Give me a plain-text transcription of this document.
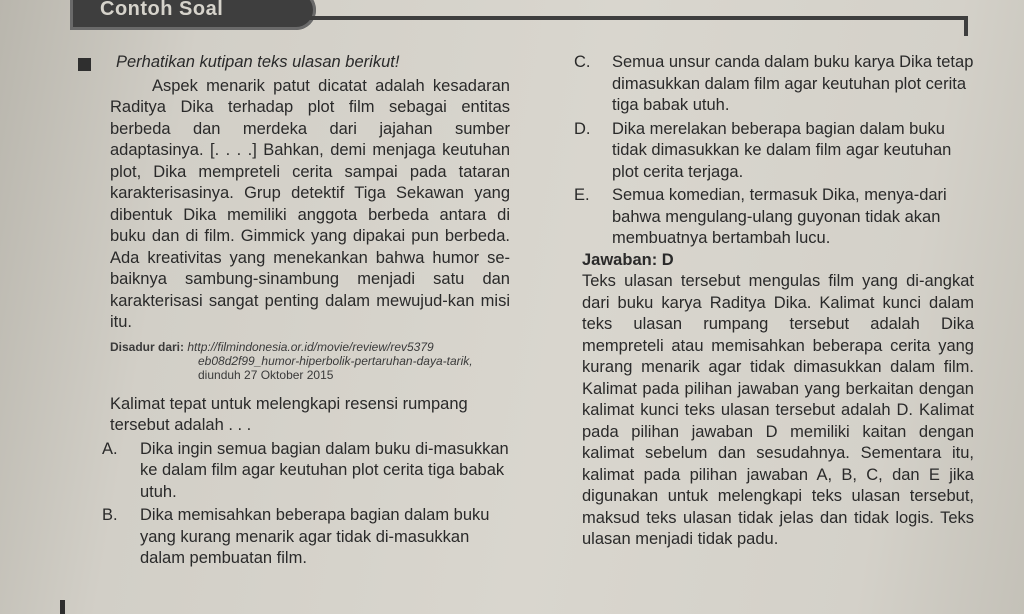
Contoh Soal

Perhatikan kutipan teks ulasan berikut!

Aspek menarik patut dicatat adalah kesadaran Raditya Dika terhadap plot film sebagai entitas berbeda dan merdeka dari jajahan sumber adaptasinya. [. . . .] Bahkan, demi menjaga keutuhan plot, Dika mempreteli cerita sampai pada tataran karakterisasinya. Grup detektif Tiga Sekawan yang dibentuk Dika memiliki anggota berbeda antara di buku dan di film. Gimmick yang dipakai pun berbeda. Ada kreativitas yang menekankan bahwa humor se-baiknya sambung-sinambung menjadi satu dan karakterisasi sangat penting dalam mewujud-kan misi itu.

Disadur dari: http://filmindonesia.or.id/movie/review/rev5379
eb08d2f99_humor-hiperbolik-pertaruhan-daya-tarik,
diunduh 27 Oktober 2015

Kalimat tepat untuk melengkapi resensi rumpang tersebut adalah . . .

A.	Dika ingin semua bagian dalam buku di-masukkan ke dalam film agar keutuhan plot cerita tiga babak utuh.
B.	Dika memisahkan beberapa bagian dalam buku yang kurang menarik agar tidak di-masukkan dalam pembuatan film.
C.	Semua unsur canda dalam buku karya Dika tetap dimasukkan dalam film agar keutuhan plot cerita tiga babak utuh.
D.	Dika merelakan beberapa bagian dalam buku tidak dimasukkan ke dalam film agar keutuhan plot cerita terjaga.
E.	Semua komedian, termasuk Dika, menya-dari bahwa mengulang-ulang guyonan tidak akan membuatnya bertambah lucu.
Jawaban: D

Teks ulasan tersebut mengulas film yang di-angkat dari buku karya Raditya Dika. Kalimat kunci dalam teks ulasan rumpang tersebut adalah Dika mempreteli atau memisahkan beberapa cerita yang kurang menarik agar tidak dimasukkan dalam film. Kalimat pada pilihan jawaban yang berkaitan dengan kalimat kunci teks ulasan tersebut adalah D. Kalimat pada pilihan jawaban D memiliki kaitan dengan kalimat sebelum dan sesudahnya. Sementara itu, kalimat pada pilihan jawaban A, B, C, dan E jika digunakan untuk melengkapi teks ulasan tersebut, maksud teks ulasan tidak jelas dan tidak logis. Teks ulasan menjadi tidak padu.
